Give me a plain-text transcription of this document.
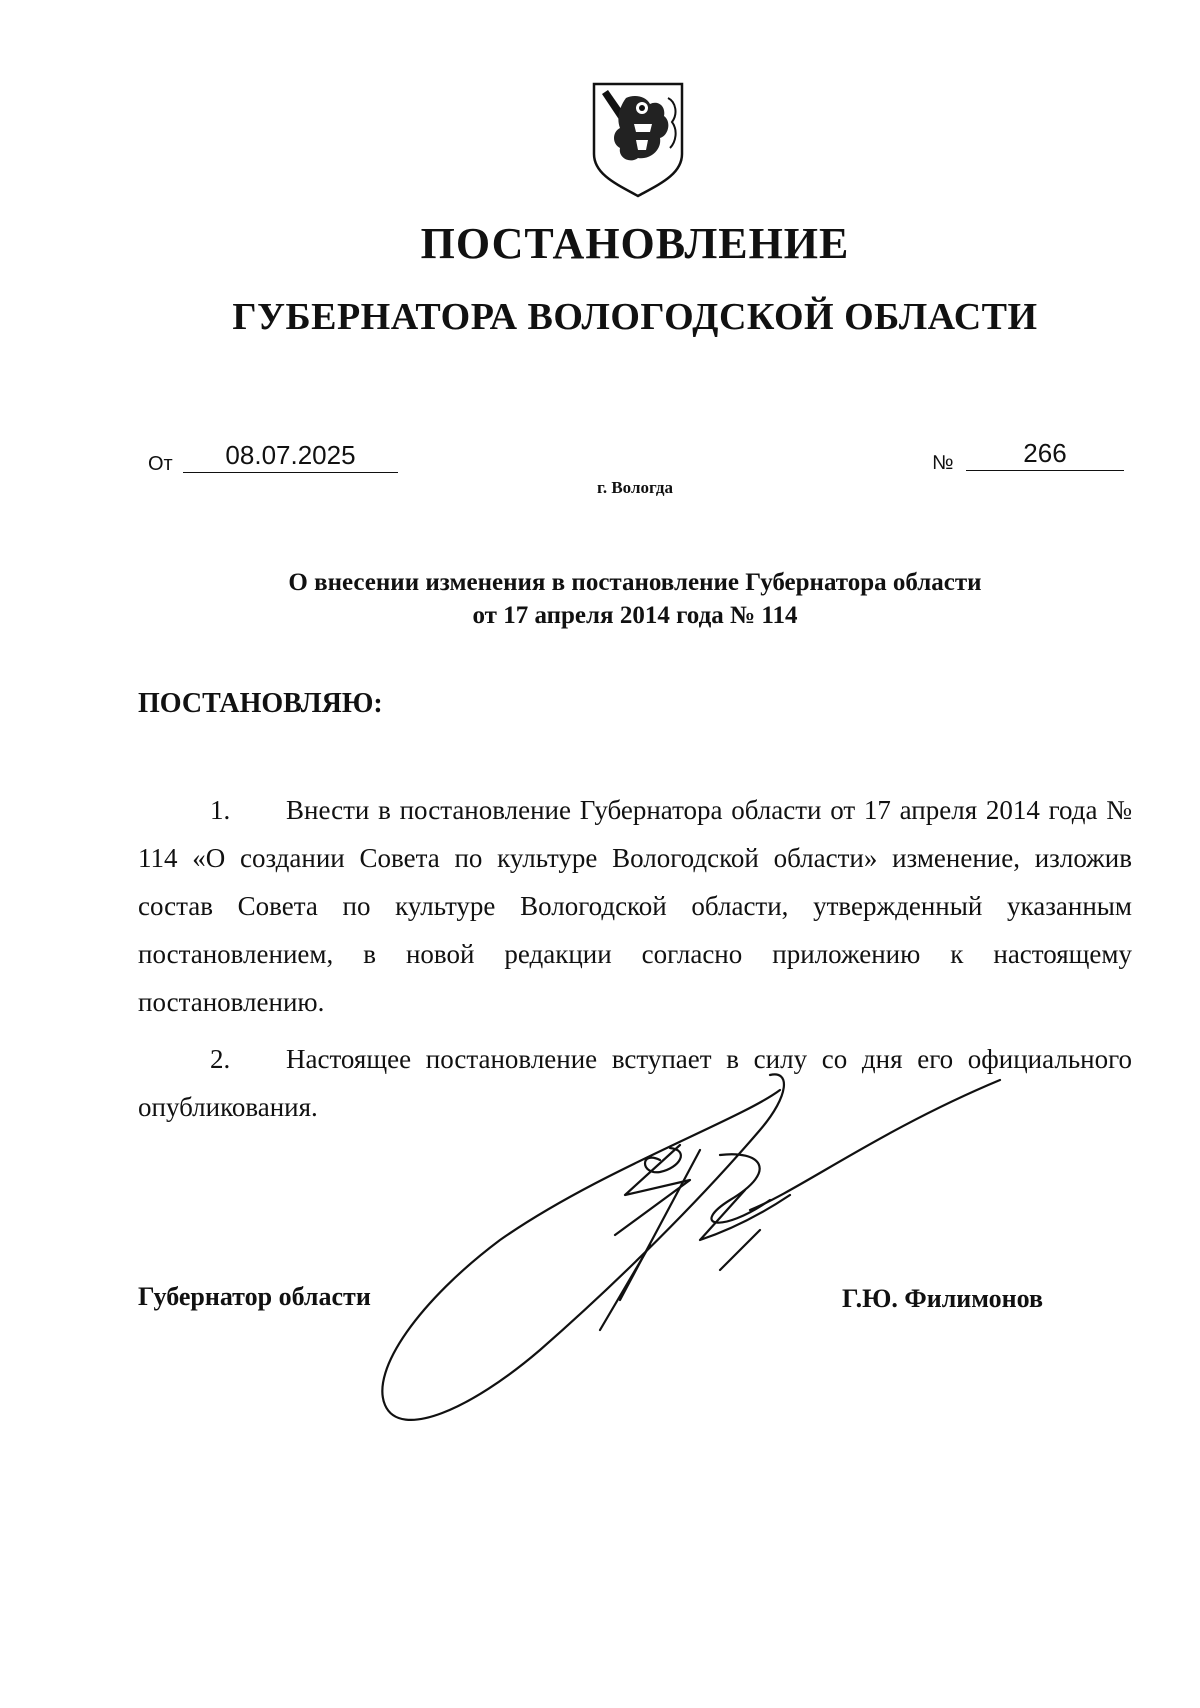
ПОСТАНОВЛЕНИЕ
ГУБЕРНАТОРА ВОЛОГОДСКОЙ ОБЛАСТИ
От	08.07.2025
г. Вологда
№	266
О внесении изменения в постановление Губернатора области
от 17 апреля 2014 года № 114
ПОСТАНОВЛЯЮ:

1. Внести в постановление Губернатора области от 17 апреля 2014 года № 114 «О создании Совета по культуре Вологодской области» изменение, изложив состав Совета по культуре Вологодской области, утвержденный указанным постановлением, в новой редакции согласно приложению к настоящему постановлению.

2. Настоящее постановление вступает в силу со дня его официального опубликования.

Губернатор области	Г.Ю. Филимонов
